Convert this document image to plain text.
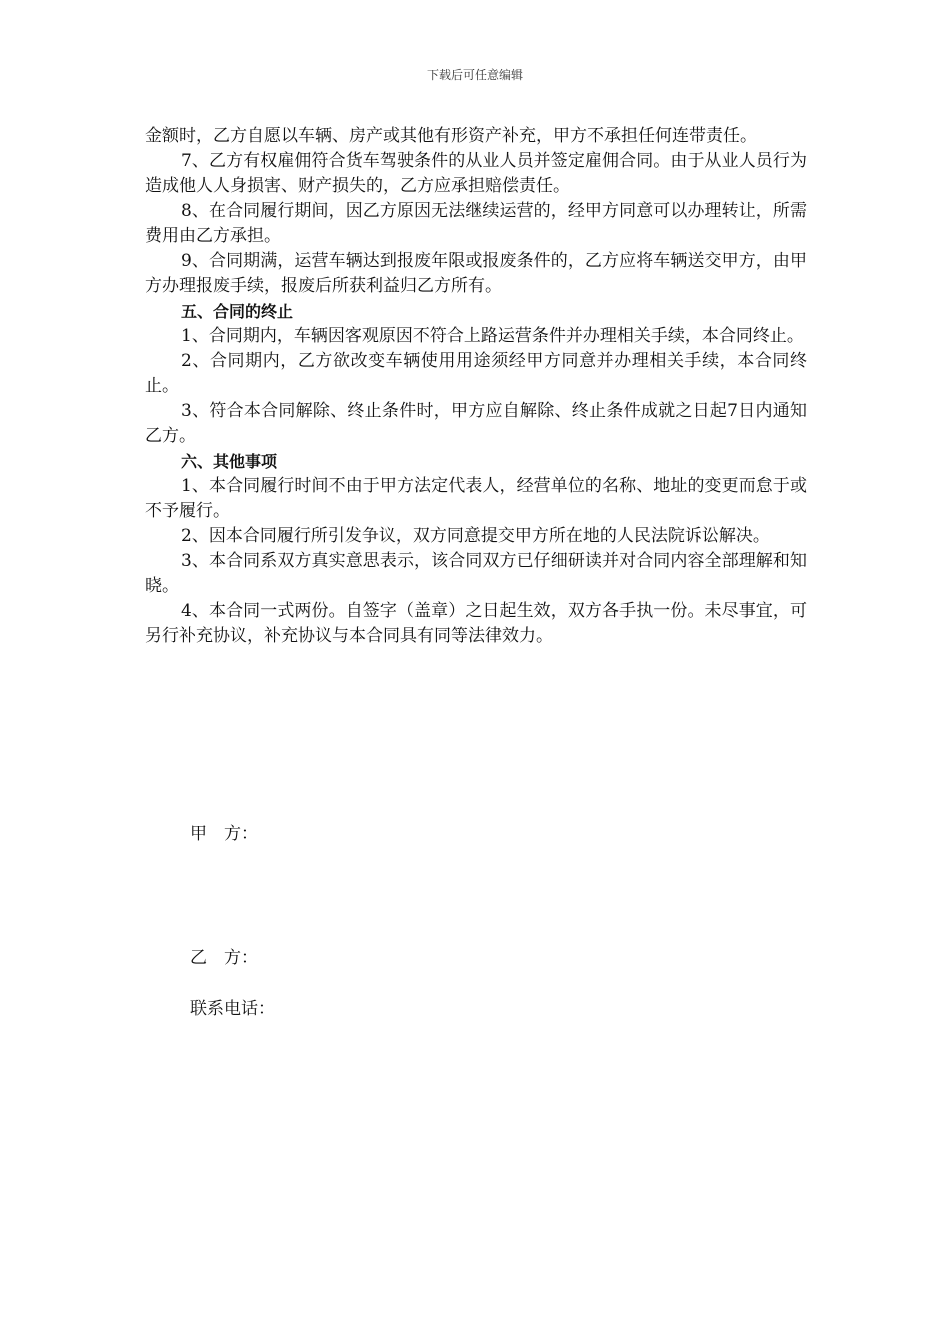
下载后可任意编辑

金额时，乙方自愿以车辆、房产或其他有形资产补充，甲方不承担任何连带责任。

7、乙方有权雇佣符合货车驾驶条件的从业人员并签定雇佣合同。由于从业人员行为造成他人人身损害、财产损失的，乙方应承担赔偿责任。

8、在合同履行期间，因乙方原因无法继续运营的，经甲方同意可以办理转让，所需费用由乙方承担。

9、合同期满，运营车辆达到报废年限或报废条件的，乙方应将车辆送交甲方，由甲方办理报废手续，报废后所获利益归乙方所有。

五、合同的终止

1、合同期内，车辆因客观原因不符合上路运营条件并办理相关手续，本合同终止。

2、合同期内，乙方欲改变车辆使用用途须经甲方同意并办理相关手续，本合同终止。

3、符合本合同解除、终止条件时，甲方应自解除、终止条件成就之日起7日内通知乙方。

六、其他事项

1、本合同履行时间不由于甲方法定代表人，经营单位的名称、地址的变更而怠于或不予履行。

2、因本合同履行所引发争议，双方同意提交甲方所在地的人民法院诉讼解决。

3、本合同系双方真实意思表示，该合同双方已仔细研读并对合同内容全部理解和知晓。

4、本合同一式两份。自签字（盖章）之日起生效，双方各手执一份。未尽事宜，可另行补充协议，补充协议与本合同具有同等法律效力。

甲　方：
乙　方：
联系电话：
